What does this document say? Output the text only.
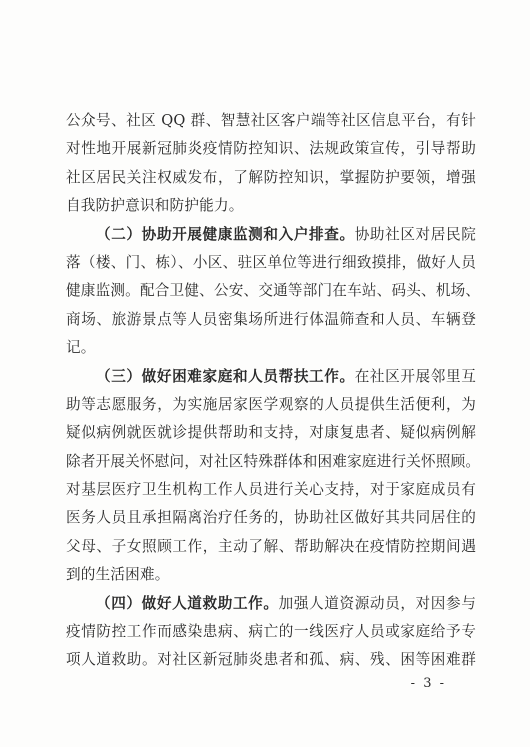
公众号、社区 QQ 群、智慧社区客户端等社区信息平台，有针
对性地开展新冠肺炎疫情防控知识、法规政策宣传，引导帮助
社区居民关注权威发布，了解防控知识，掌握防护要领，增强
自我防护意识和防护能力。
（二）协助开展健康监测和入户排查。协助社区对居民院
落（楼、门、栋）、小区、驻区单位等进行细致摸排，做好人员
健康监测。配合卫健、公安、交通等部门在车站、码头、机场、
商场、旅游景点等人员密集场所进行体温筛查和人员、车辆登
记。
（三）做好困难家庭和人员帮扶工作。在社区开展邻里互
助等志愿服务，为实施居家医学观察的人员提供生活便利，为
疑似病例就医就诊提供帮助和支持，对康复患者、疑似病例解
除者开展关怀慰问，对社区特殊群体和困难家庭进行关怀照顾。
对基层医疗卫生机构工作人员进行关心支持，对于家庭成员有
医务人员且承担隔离治疗任务的，协助社区做好其共同居住的
父母、子女照顾工作，主动了解、帮助解决在疫情防控期间遇
到的生活困难。
（四）做好人道救助工作。加强人道资源动员，对因参与
疫情防控工作而感染患病、病亡的一线医疗人员或家庭给予专
项人道救助。对社区新冠肺炎患者和孤、病、残、困等困难群
- 3 -
